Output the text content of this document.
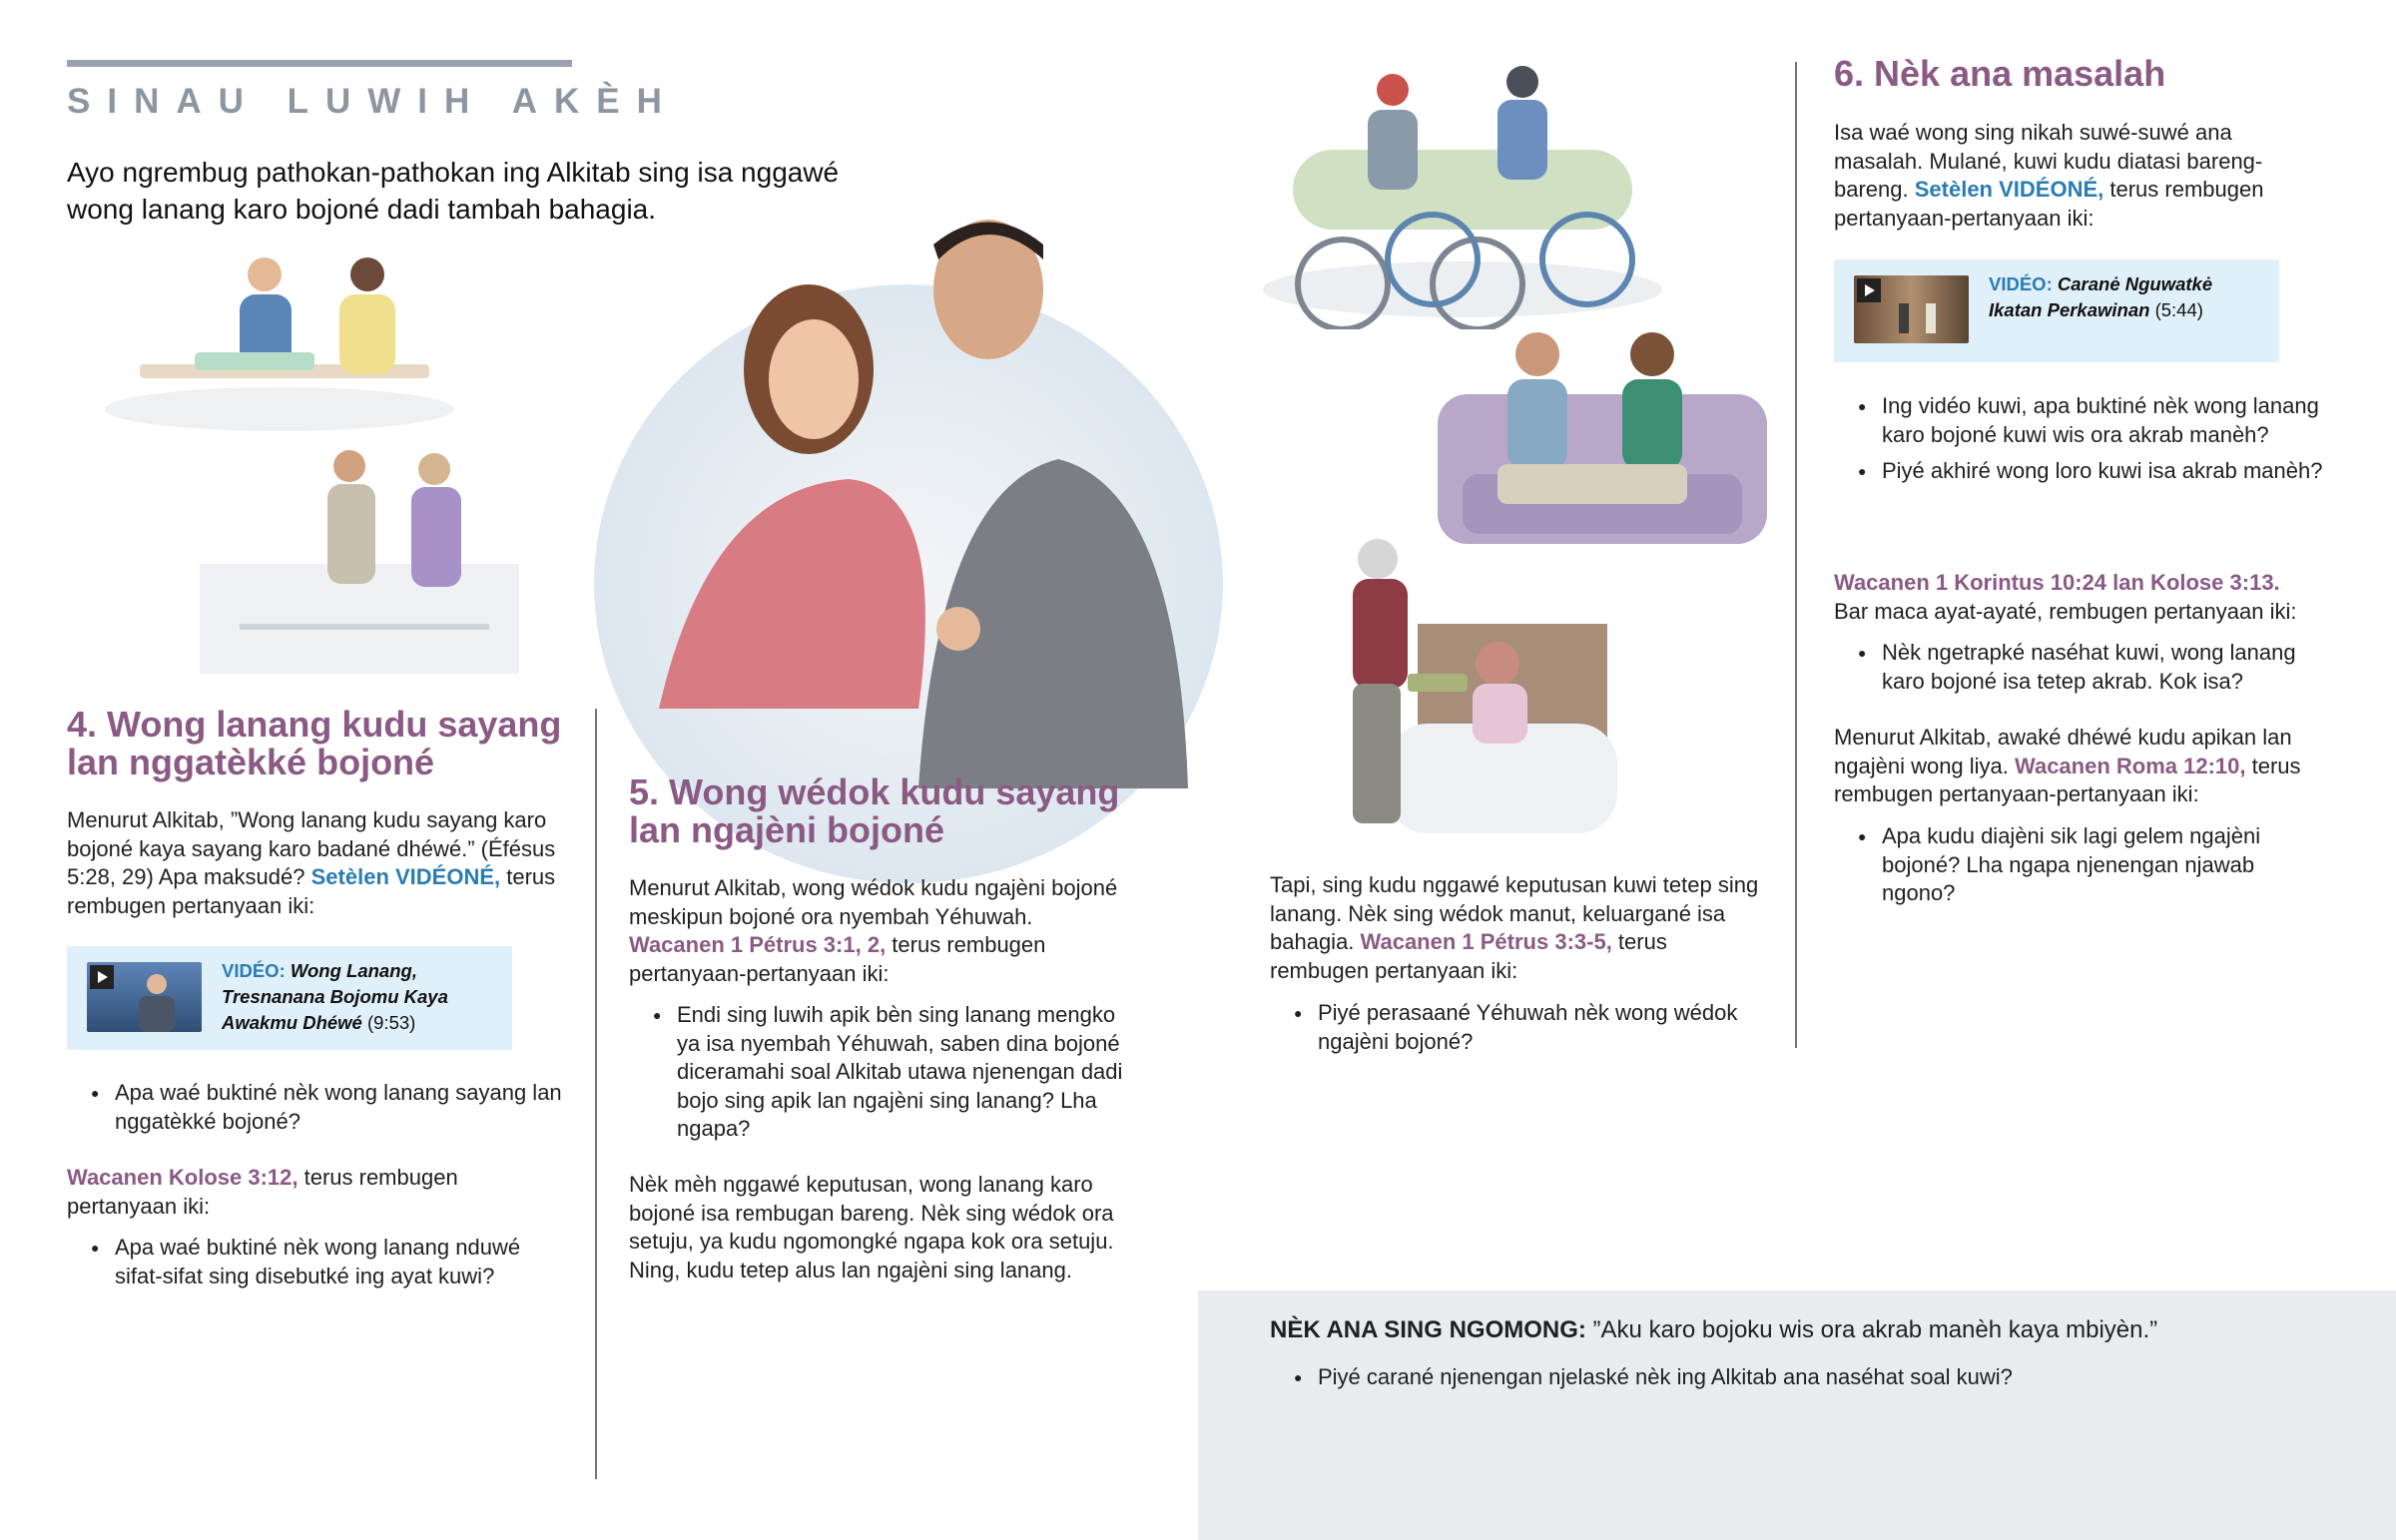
SINAU LUWIH AKÈH

Ayo ngrembug pathokan-pathokan ing Alkitab sing isa nggawé wong lanang karo bojoné dadi tambah bahagia.

4. Wong lanang kudu sayang lan nggatèkké bojoné

Menurut Alkitab, ”Wong lanang kudu sayang karo bojoné kaya sayang karo badané dhéwé.” (Éfésus 5:28, 29) Apa maksudé? Setèlen VIDÉONÉ, terus rembugen pertanyaan iki:

VIDÉO: Wong Lanang, Tresnanana Bojomu Kaya Awakmu Dhéwé (9:53)
● Apa waé buktiné nèk wong lanang sayang lan nggatèkké bojoné?

Wacanen Kolose 3:12, terus rembugen pertanyaan iki:

● Apa waé buktiné nèk wong lanang nduwé sifat-sifat sing disebutké ing ayat kuwi?
5. Wong wédok kudu sayang lan ngajèni bojoné

Menurut Alkitab, wong wédok kudu ngajèni bojoné meskipun bojoné ora nyembah Yéhuwah. Wacanen 1 Pétrus 3:1, 2, terus rembugen pertanyaan-pertanyaan iki:

● Endi sing luwih apik bèn sing lanang mengko ya isa nyembah Yéhuwah, saben dina bojoné diceramahi soal Alkitab utawa njenengan dadi bojo sing apik lan ngajèni sing lanang? Lha ngapa?

Nèk mèh nggawé keputusan, wong lanang karo bojoné isa rembugan bareng. Nèk sing wédok ora setuju, ya kudu ngomongké ngapa kok ora setuju. Ning, kudu tetep alus lan ngajèni sing lanang.

Tapi, sing kudu nggawé keputusan kuwi tetep sing lanang. Nèk sing wédok manut, keluargané isa bahagia. Wacanen 1 Pétrus 3:3-5, terus rembugen pertanyaan iki:

● Piyé perasaané Yéhuwah nèk wong wédok ngajèni bojoné?
6. Nèk ana masalah

Isa waé wong sing nikah suwé-suwé ana masalah. Mulané, kuwi kudu diatasi bareng-bareng. Setèlen VIDÉONÉ, terus rembugen pertanyaan-pertanyaan iki:

VIDÉO: Caranė Nguwatkė Ikatan Perkawinan (5:44)
● Ing vidéo kuwi, apa buktiné nèk wong lanang karo bojoné kuwi wis ora akrab manèh?
● Piyé akhiré wong loro kuwi isa akrab manèh?

Wacanen 1 Korintus 10:24 lan Kolose 3:13.
Bar maca ayat-ayaté, rembugen pertanyaan iki:

● Nèk ngetrapké naséhat kuwi, wong lanang karo bojoné isa tetep akrab. Kok isa?

Menurut Alkitab, awaké dhéwé kudu apikan lan ngajèni wong liya. Wacanen Roma 12:10, terus rembugen pertanyaan-pertanyaan iki:

● Apa kudu diajèni sik lagi gelem ngajèni bojoné? Lha ngapa njenengan njawab ngono?

NÈK ANA SING NGOMONG: ”Aku karo bojoku wis ora akrab manèh kaya mbiyèn.”

● Piyé carané njenengan njelaské nèk ing Alkitab ana naséhat soal kuwi?
